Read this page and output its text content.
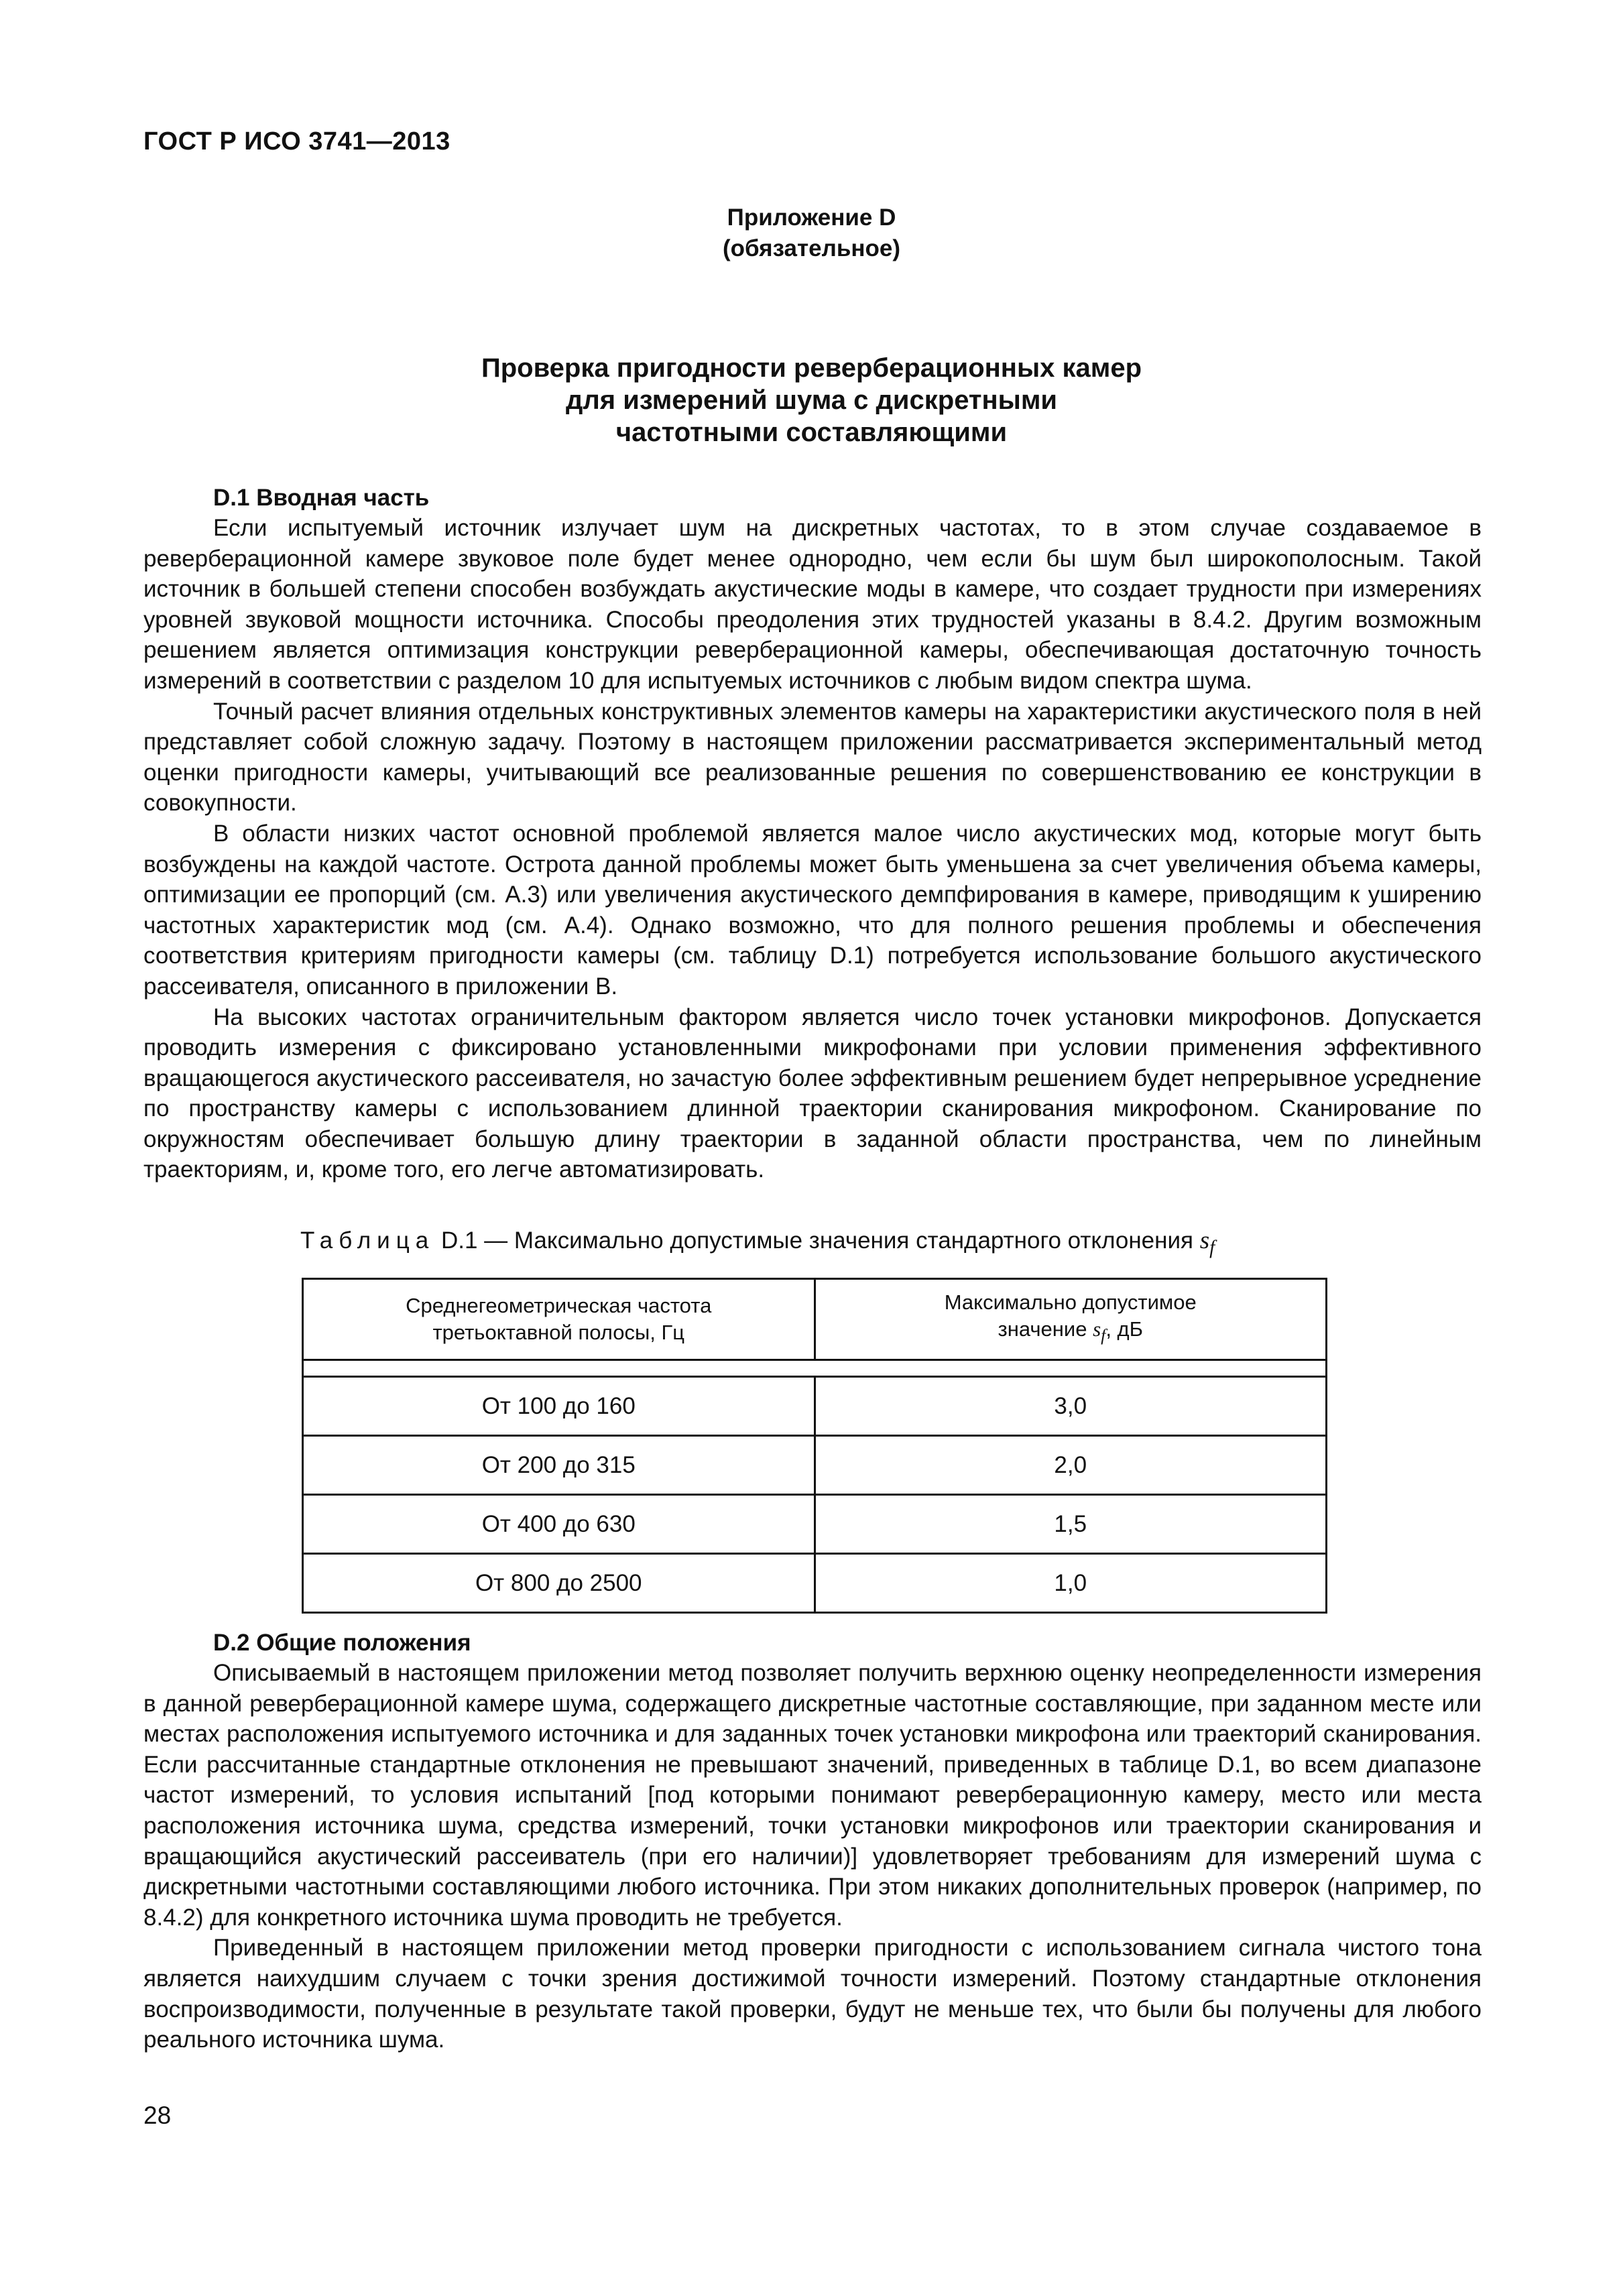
ГОСТ Р ИСО 3741—2013
Приложение D
(обязательное)
Проверка пригодности реверберационных камер
для измерений шума с дискретными
частотными составляющими
D.1 Вводная часть

Если испытуемый источник излучает шум на дискретных частотах, то в этом случае создаваемое в реверберационной камере звуковое поле будет менее однородно, чем если бы шум был широкополосным. Такой источник в большей степени способен возбуждать акустические моды в камере, что создает трудности при измерениях уровней звуковой мощности источника. Способы преодоления этих трудностей указаны в 8.4.2. Другим возможным решением является оптимизация конструкции реверберационной камеры, обеспечивающая достаточную точность измерений в соответствии с разделом 10 для испытуемых источников с любым видом спектра шума.

Точный расчет влияния отдельных конструктивных элементов камеры на характеристики акустического поля в ней представляет собой сложную задачу. Поэтому в настоящем приложении рассматривается экспериментальный метод оценки пригодности камеры, учитывающий все реализованные решения по совершенствованию ее конструкции в совокупности.

В области низких частот основной проблемой является малое число акустических мод, которые могут быть возбуждены на каждой частоте. Острота данной проблемы может быть уменьшена за счет увеличения объема камеры, оптимизации ее пропорций (см. А.3) или увеличения акустического демпфирования в камере, приводящим к уширению частотных характеристик мод (см. А.4). Однако возможно, что для полного решения проблемы и обеспечения соответствия критериям пригодности камеры (см. таблицу D.1) потребуется использование большого акустического рассеивателя, описанного в приложении В.

На высоких частотах ограничительным фактором является число точек установки микрофонов. Допускается проводить измерения с фиксировано установленными микрофонами при условии применения эффективного вращающегося акустического рассеивателя, но зачастую более эффективным решением будет непрерывное усреднение по пространству камеры с использованием длинной траектории сканирования микрофоном. Сканирование по окружностям обеспечивает большую длину траектории в заданной области пространства, чем по линейным траекториям, и, кроме того, его легче автоматизировать.

Таблица D.1 — Максимально допустимые значения стандартного отклонения $s_f$
Среднегеометрическая частота третьоктавной полосы, Гц	Максимально допустимое
значение $s_f$, дБ

От 100 до 160	3,0
От 200 до 315	2,0
От 400 до 630	1,5
От 800 до 2500	1,0
D.2 Общие положения

Описываемый в настоящем приложении метод позволяет получить верхнюю оценку неопределенности измерения в данной реверберационной камере шума, содержащего дискретные частотные составляющие, при заданном месте или местах расположения испытуемого источника и для заданных точек установки микрофона или траекторий сканирования. Если рассчитанные стандартные отклонения не превышают значений, приведенных в таблице D.1, во всем диапазоне частот измерений, то условия испытаний [под которыми понимают реверберационную камеру, место или места расположения источника шума, средства измерений, точки установки микрофонов или траектории сканирования и вращающийся акустический рассеиватель (при его наличии)] удовлетворяет требованиям для измерений шума с дискретными частотными составляющими любого источника. При этом никаких дополнительных проверок (например, по 8.4.2) для конкретного источника шума проводить не требуется.

Приведенный в настоящем приложении метод проверки пригодности с использованием сигнала чистого тона является наихудшим случаем с точки зрения достижимой точности измерений. Поэтому стандартные отклонения воспроизводимости, полученные в результате такой проверки, будут не меньше тех, что были бы получены для любого реального источника шума.

28
